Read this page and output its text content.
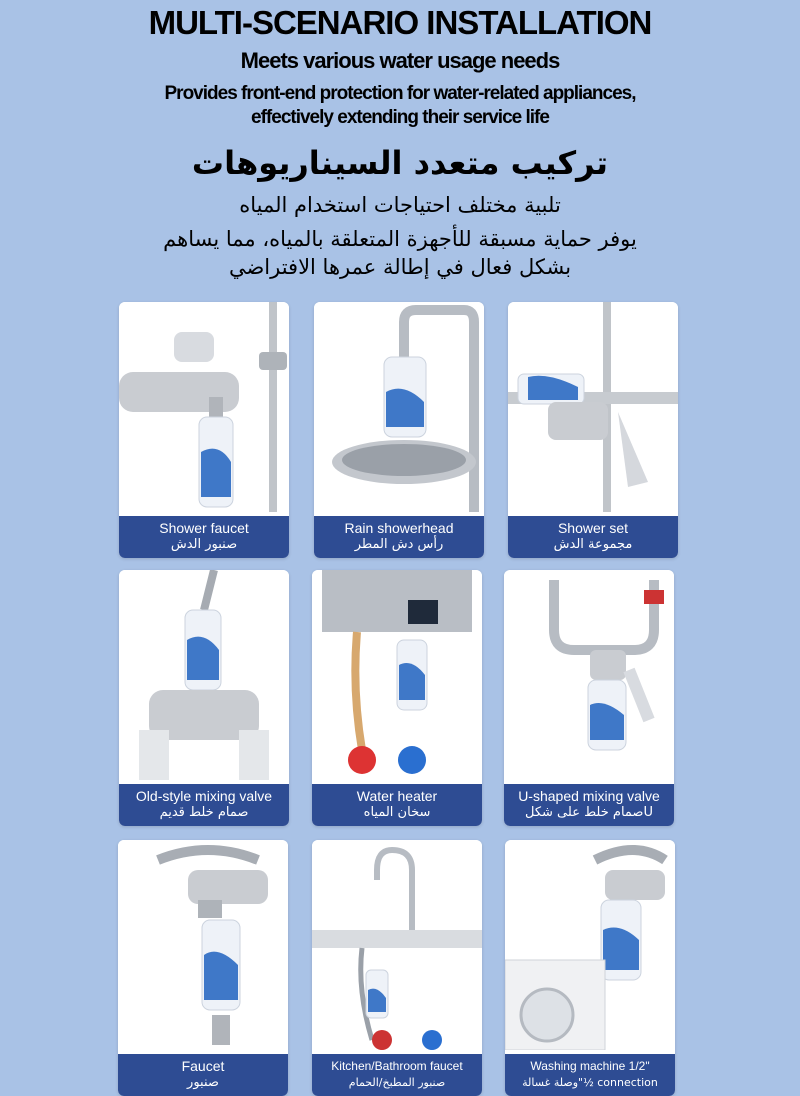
MULTI-SCENARIO INSTALLATION
Meets various water usage needs
Provides front-end protection for water-related appliances,
effectively extending their service life
تركيب متعدد السيناريوهات
تلبية مختلف احتياجات استخدام المياه
يوفر حماية مسبقة للأجهزة المتعلقة بالمياه، مما يساهم
بشكل فعال في إطالة عمرها الافتراضي
Shower faucet
صنبور الدش
Rain showerhead
رأس دش المطر
Shower set
مجموعة الدش
Old-style mixing valve
صمام خلط قديم
Water heater
سخان المياه
U-shaped mixing valve
Uصمام خلط على شكل
Faucet
صنبور
Kitchen/Bathroom faucet
صنبور المطبخ/الحمام
Washing machine 1/2"
connection ½"وصلة غسالة
